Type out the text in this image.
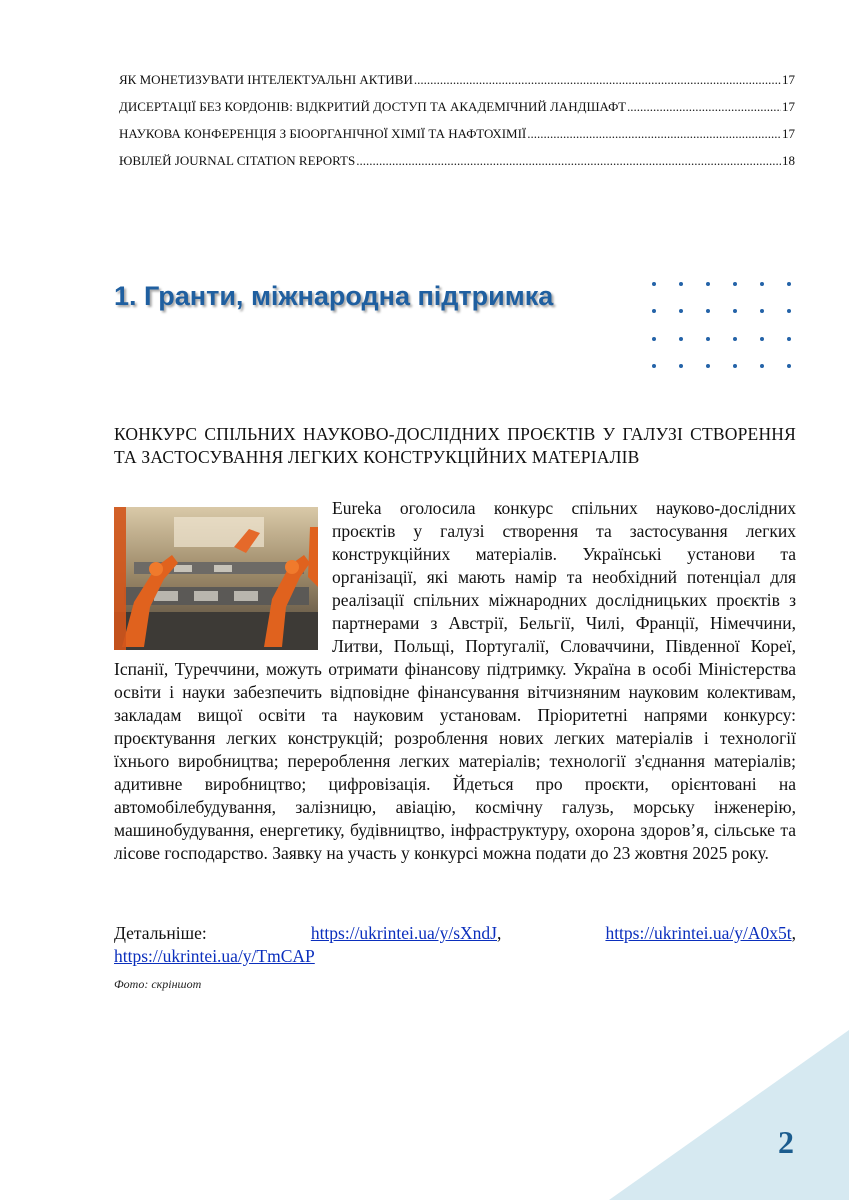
ЯК МОНЕТИЗУВАТИ ІНТЕЛЕКТУАЛЬНІ АКТИВИ .....	17
ДИСЕРТАЦІЇ БЕЗ КОРДОНІВ: ВІДКРИТИЙ ДОСТУП ТА АКАДЕМІЧНИЙ ЛАНДШАФТ .....	17
НАУКОВА КОНФЕРЕНЦІЯ З БІООРГАНІЧНОЇ ХІМІЇ ТА НАФТОХІМІЇ .....	17
ЮВІЛЕЙ JOURNAL CITATION REPORTS .....	18
1. Гранти, міжнародна підтримка
КОНКУРС СПІЛЬНИХ НАУКОВО-ДОСЛІДНИХ ПРОЄКТІВ У ГАЛУЗІ СТВОРЕННЯ ТА ЗАСТОСУВАННЯ ЛЕГКИХ КОНСТРУКЦІЙНИХ МАТЕРІАЛІВ
Eureka оголосила конкурс спільних науково-дослідних проєктів у галузі створення та застосування легких конструкційних матеріалів. Українські установи та організації, які мають намір та необхідний потенціал для реалізації спільних міжнародних дослідницьких проєктів з партнерами з Австрії, Бельгії, Чилі, Франції, Німеччини, Литви, Польщі, Португалії, Словаччини, Південної Кореї, Іспанії, Туреччини, можуть отримати фінансову підтримку. Україна в особі Міністерства освіти і науки забезпечить відповідне фінансування вітчизняним науковим колективам, закладам вищої освіти та науковим установам. Пріоритетні напрями конкурсу: проєктування легких конструкцій; розроблення нових легких матеріалів і технології їхнього виробництва; перероблення легких матеріалів; технології з'єднання матеріалів; адитивне виробництво; цифровізація. Йдеться про проєкти, орієнтовані на автомобілебудування, залізницю, авіацію, космічну галузь, морську інженерію, машинобудування, енергетику, будівництво, інфраструктуру, охорона здоров’я, сільське та лісове господарство. Заявку на участь у конкурсі можна подати до 23 жовтня 2025 року.
Детальніше:	https://ukrintei.ua/y/sXndJ,	https://ukrintei.ua/y/A0x5t,
https://ukrintei.ua/y/TmCAP

Фото: скріншот

2
